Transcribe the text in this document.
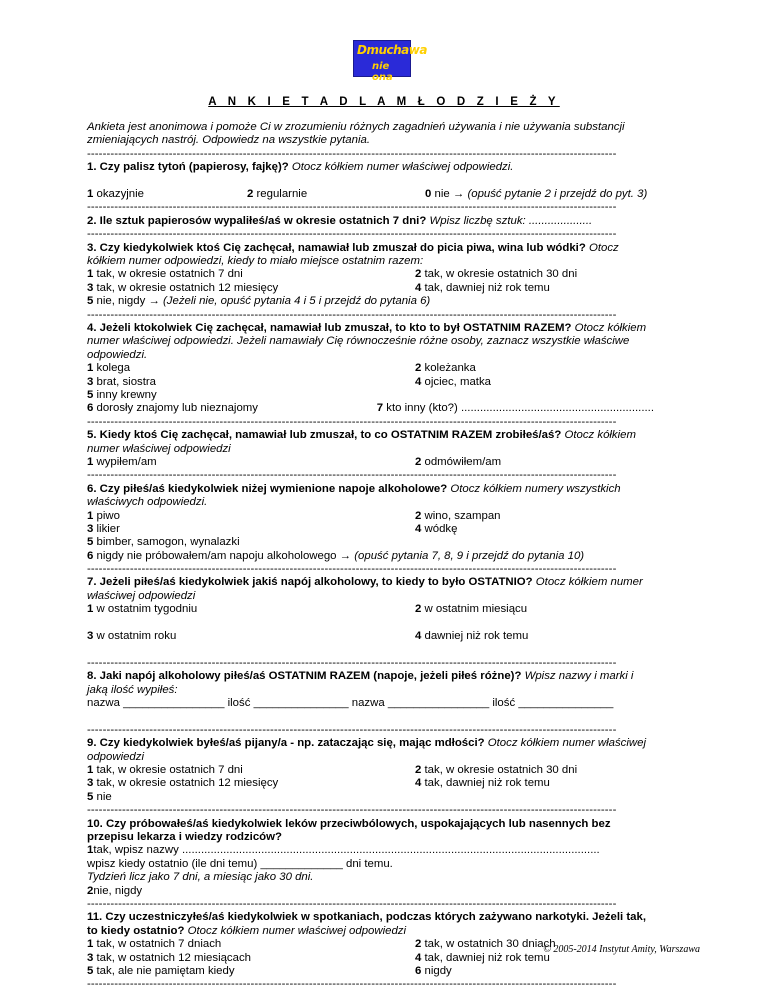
Dmuchawa
nie ona
A N K I E T A D L A M Ł O D Z I E Ż Y

Ankieta jest anonimowa i pomoże Ci w zrozumieniu różnych zagadnień używania i nie używania substancji zmieniających nastrój. Odpowiedz na wszystkie pytania.

-----

1. Czy palisz tytoń (papierosy, fajkę)? Otocz kółkiem numer właściwej odpowiedzi.

1 okazyjnie	2 regularnie	0 nie → (opuść pytanie 2 i przejdź do pyt. 3)
-----

2. Ile sztuk papierosów wypaliłeś/aś w okresie ostatnich 7 dni? Wpisz liczbę sztuk: ....................

-----

3. Czy kiedykolwiek ktoś Cię zachęcał, namawiał lub zmuszał do picia piwa, wina lub wódki? Otocz kółkiem numer odpowiedzi, kiedy to miało miejsce ostatnim razem:

1 tak, w okresie ostatnich 7 dni	2 tak, w okresie ostatnich 30 dni
3 tak, w okresie ostatnich 12 miesięcy	4 tak, dawniej niż rok temu
5 nie, nigdy → (Jeżeli nie, opuść pytania 4 i 5 i przejdź do pytania 6)
-----

4. Jeżeli ktokolwiek Cię zachęcał, namawiał lub zmuszał, to kto to był OSTATNIM RAZEM? Otocz kółkiem numer właściwej odpowiedzi. Jeżeli namawiały Cię równocześnie różne osoby, zaznacz wszystkie właściwe odpowiedzi.

1 kolega	2 koleżanka
3 brat, siostra	4 ojciec, matka
5 inny krewny
6 dorosły znajomy lub nieznajomy	7 kto inny (kto?) .............................................................
-----

5. Kiedy ktoś Cię zachęcał, namawiał lub zmuszał, to co OSTATNIM RAZEM zrobiłeś/aś? Otocz kółkiem numer właściwej odpowiedzi

1 wypiłem/am	2 odmówiłem/am
-----

6. Czy piłeś/aś kiedykolwiek niżej wymienione napoje alkoholowe? Otocz kółkiem numery wszystkich właściwych odpowiedzi.

1 piwo	2 wino, szampan
3 likier	4 wódkę
5 bimber, samogon, wynalazki
6 nigdy nie próbowałem/am napoju alkoholowego → (opuść pytania 7, 8, 9 i przejdź do pytania 10)
-----

7. Jeżeli piłeś/aś kiedykolwiek jakiś napój alkoholowy, to kiedy to było OSTATNIO? Otocz kółkiem numer właściwej odpowiedzi

1 w ostatnim tygodniu	2 w ostatnim miesiącu
3 w ostatnim roku	4 dawniej niż rok temu
-----

8. Jaki napój alkoholowy piłeś/aś OSTATNIM RAZEM (napoje, jeżeli piłeś różne)? Wpisz nazwy i marki i jaką ilość wypiłeś:

nazwa ________________ ilość _______________ nazwa ________________ ilość _______________
-----

9. Czy kiedykolwiek byłeś/aś pijany/a - np. zataczając się, mając mdłości? Otocz kółkiem numer właściwej odpowiedzi

1 tak, w okresie ostatnich 7 dni	2 tak, w okresie ostatnich 30 dni
3 tak, w okresie ostatnich 12 miesięcy	4 tak, dawniej niż rok temu
5 nie
-----

10. Czy próbowałeś/aś kiedykolwiek leków przeciwbólowych, uspokajających lub nasennych bez przepisu lekarza i wiedzy rodziców?

1 tak, wpisz nazwy ....................................................................................................................................
wpisz kiedy ostatnio (ile dni temu) _____________ dni temu.
Tydzień licz jako 7 dni, a miesiąc jako 30 dni.
2 nie, nigdy
-----

11. Czy uczestniczyłeś/aś kiedykolwiek w spotkaniach, podczas których zażywano narkotyki. Jeżeli tak, to kiedy ostatnio? Otocz kółkiem numer właściwej odpowiedzi

1 tak, w ostatnich 7 dniach	2 tak, w ostatnich 30 dniach
3 tak, w ostatnich 12 miesiącach	4 tak, dawniej niż rok temu
5 tak, ale nie pamiętam kiedy	6 nigdy
-----
© 2005-2014 Instytut Amity, Warszawa
